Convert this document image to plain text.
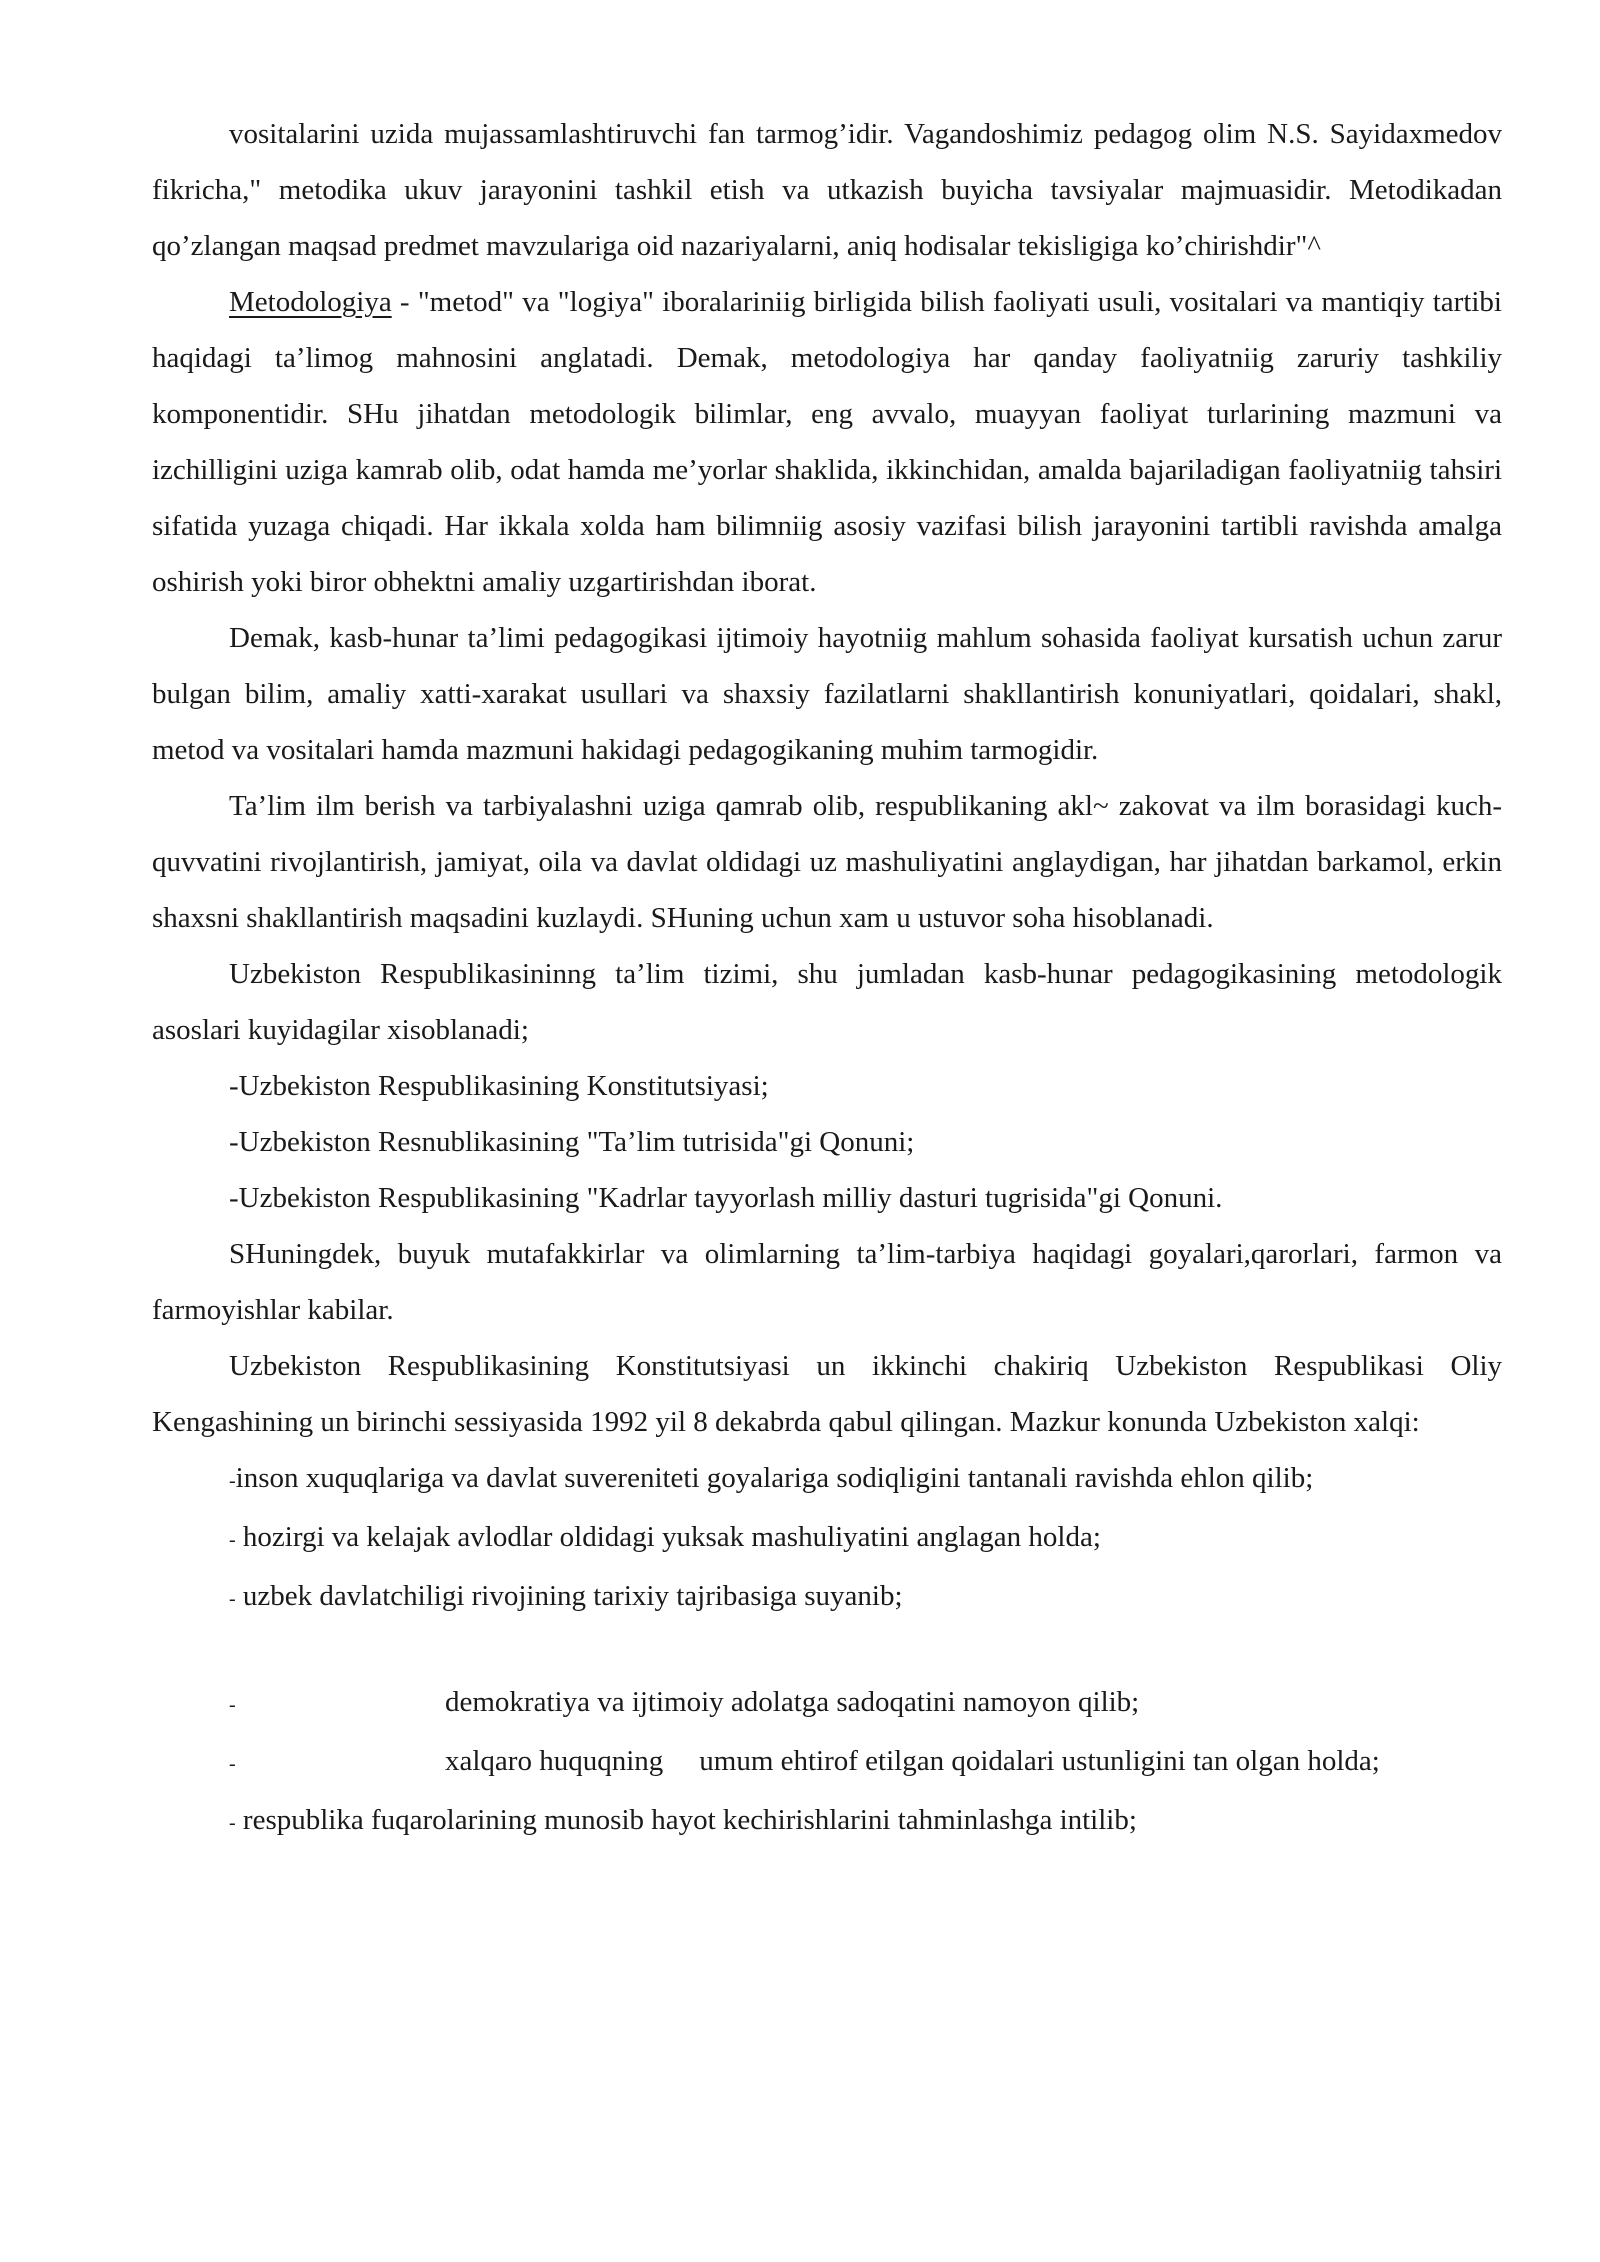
vositalarini uzida mujassamlashtiruvchi fan tarmog’idir. Vagandoshimiz pedagog olim N.S. Sayidaxmedov fikricha," metodika ukuv jarayonini tashkil etish va utkazish buyicha tavsiyalar majmuasidir. Metodikadan qo’zlangan maqsad predmet mavzulariga oid nazariyalarni, aniq hodisalar tekisligiga ko’chirishdir"^

Metodologiya - "metod" va "logiya" iboralariniig birligida bilish faoliyati usuli, vositalari va mantiqiy tartibi haqidagi ta’limog mahnosini anglatadi. Demak, metodologiya har qanday faoliyatniig zaruriy tashkiliy komponentidir. SHu jihatdan metodologik bilimlar, eng avvalo, muayyan faoliyat turlarining mazmuni va izchilligini uziga kamrab olib, odat hamda me’yorlar shaklida, ikkinchidan, amalda bajariladigan faoliyatniig tahsiri sifatida yuzaga chiqadi. Har ikkala xolda ham bilimniig asosiy vazifasi bilish jarayonini tartibli ravishda amalga oshirish yoki biror obhektni amaliy uzgartirishdan iborat.

Demak, kasb-hunar ta’limi pedagogikasi ijtimoiy hayotniig mahlum sohasida faoliyat kursatish uchun zarur bulgan bilim, amaliy xatti-xarakat usullari va shaxsiy fazilatlarni shakllantirish konuniyatlari, qoidalari, shakl, metod va vositalari hamda mazmuni hakidagi pedagogikaning muhim tarmogidir.

Ta’lim ilm berish va tarbiyalashni uziga qamrab olib, respublikaning akl~ zakovat va ilm borasidagi kuch- quvvatini rivojlantirish, jamiyat, oila va davlat oldidagi uz mashuliyatini anglaydigan, har jihatdan barkamol, erkin shaxsni shakllantirish maqsadini kuzlaydi. SHuning uchun xam u ustuvor soha hisoblanadi.

Uzbekiston Respublikasininng ta’lim tizimi, shu jumladan kasb-hunar pedagogikasining metodologik asoslari kuyidagilar xisoblanadi;

-Uzbekiston Respublikasining Konstitutsiyasi;

-Uzbekiston Resnublikasining "Ta’lim tutrisida"gi Qonuni;

-Uzbekiston Respublikasining "Kadrlar tayyorlash milliy dasturi tugrisida"gi Qonuni.

SHuningdek, buyuk mutafakkirlar va olimlarning ta’lim-tarbiya haqidagi goyalari,qarorlari, farmon va farmoyishlar kabilar.

Uzbekiston Respublikasining Konstitutsiyasi un ikkinchi chakiriq Uzbekiston Respublikasi Oliy Kengashining un birinchi sessiyasida 1992 yil 8 dekabrda qabul qilingan. Mazkur konunda Uzbekiston xalqi:

-inson xuquqlariga va davlat suvereniteti goyalariga sodiqligini tantanali ravishda ehlon qilib;

- hozirgi va kelajak avlodlar oldidagi yuksak mashuliyatini anglagan holda;

- uzbek davlatchiligi rivojining tarixiy tajribasiga suyanib;

-	demokratiya va ijtimoiy adolatga sadoqatini namoyon qilib;

-	xalqaro huquqning umum ehtirof etilgan qoidalari ustunligini tan olgan holda;

- respublika fuqarolarining munosib hayot kechirishlarini tahminlashga intilib;
